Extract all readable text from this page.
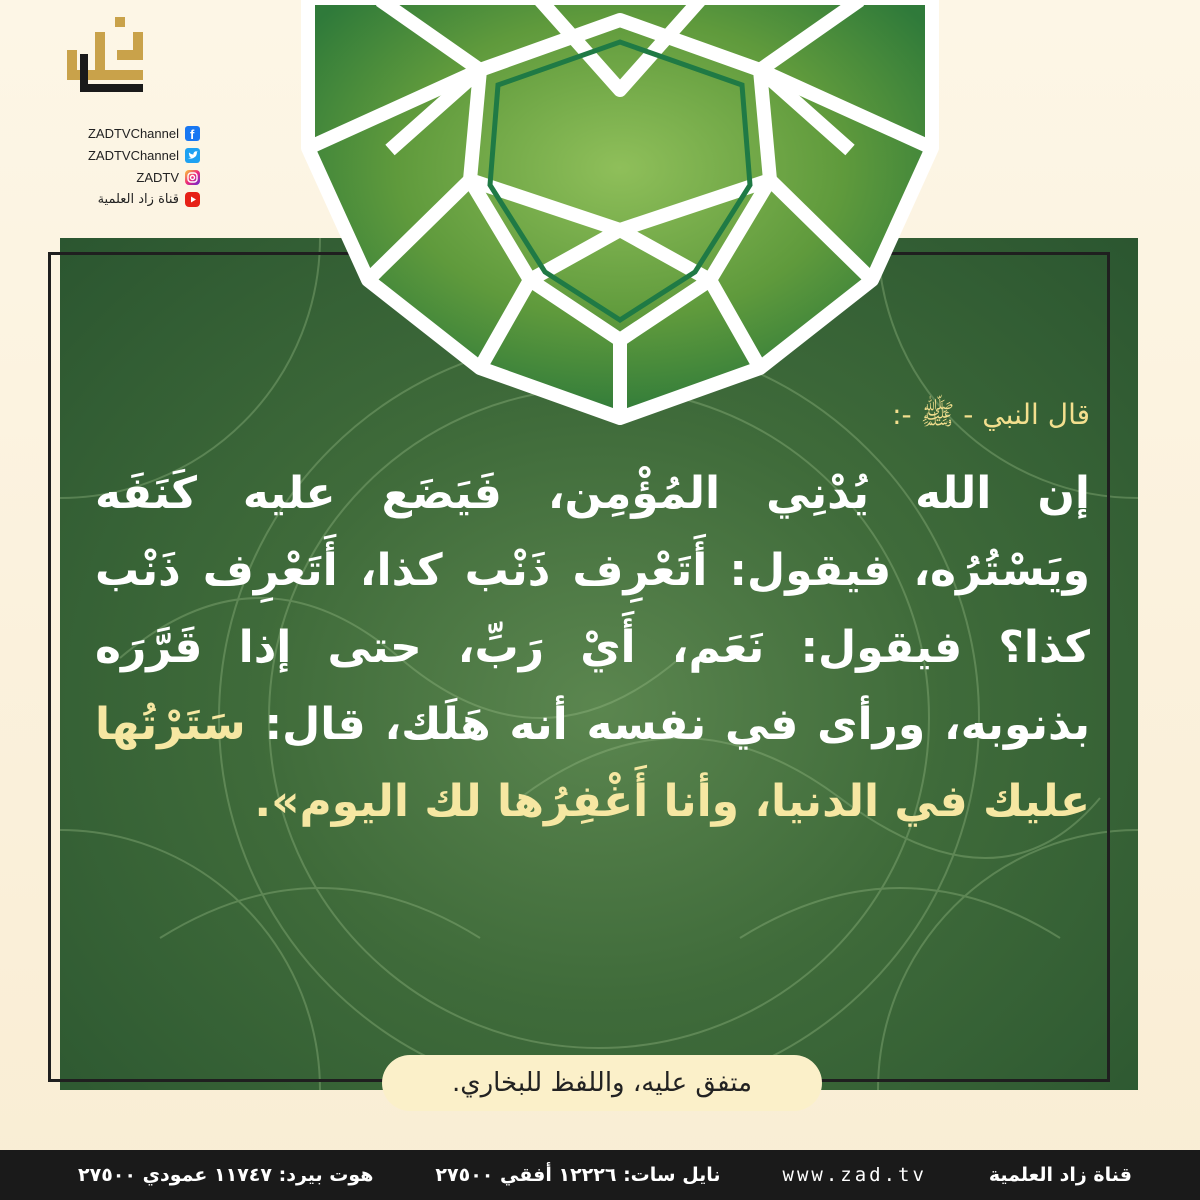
ZADTVChannel f
ZADTVChannel
ZADTV
قناة زاد العلمية
قال النبي - ﷺ -:
إن الله يُدْنِي المُؤْمِن، فَيَضَع عليه كَنَفَه ويَسْتُرُه، فيقول: أَتَعْرِف ذَنْب كذا، أَتَعْرِف ذَنْب كذا؟ فيقول: نَعَم، أَيْ رَبِّ، حتى إذا قَرَّرَه بذنوبه، ورأى في نفسه أنه هَلَك، قال: سَتَرْتُها عليك في الدنيا، وأنا أَغْفِرُها لك اليوم».
متفق عليه، واللفظ للبخاري.
هوت بيرد: ١١٧٤٧ عمودي ٢٧٥٠٠	نايل سات: ١٢٢٢٦ أفقي ٢٧٥٠٠	www.zad.tv	قناة زاد العلمية
